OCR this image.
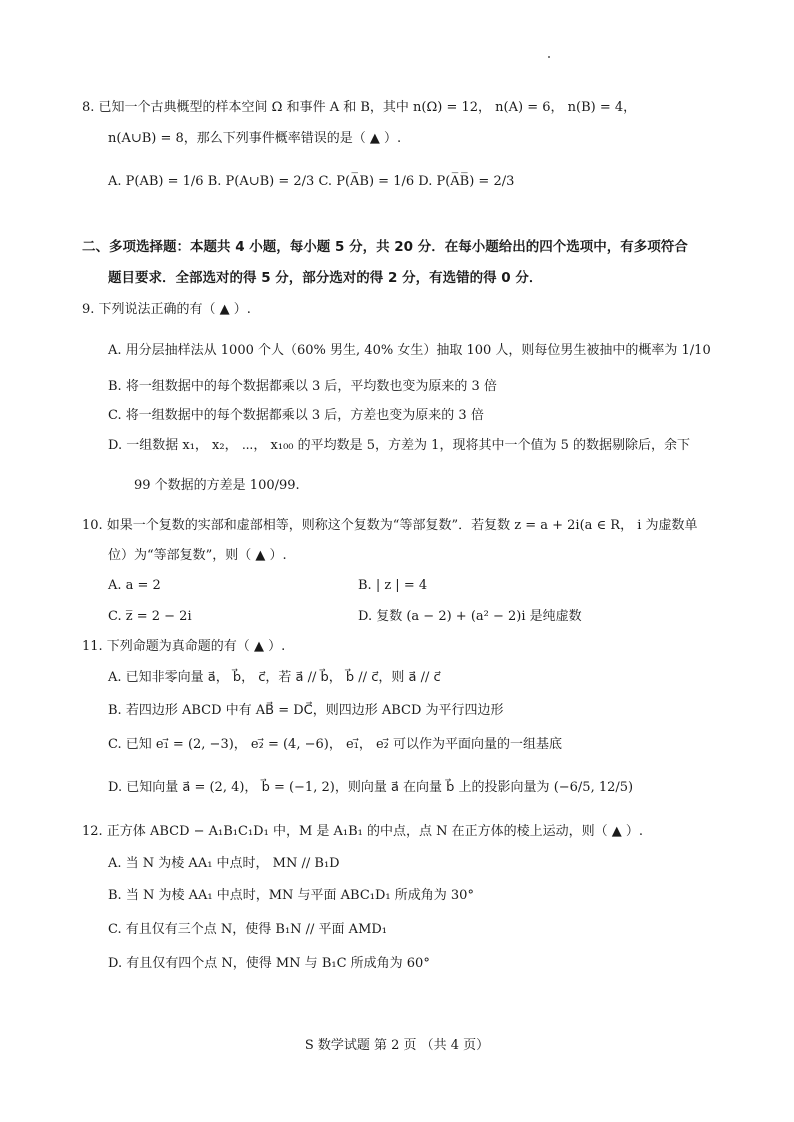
8. 已知一个古典概型的样本空间 Ω 和事件 A 和 B，其中 n(Ω) = 12， n(A) = 6， n(B) = 4，
n(A∪B) = 8，那么下列事件概率错误的是（ ▲ ）.
A. P(AB) = 1/6 B. P(A∪B) = 2/3 C. P(A̅B) = 1/6 D. P(A̅B̅) = 2/3
二、多项选择题：本题共 4 小题，每小题 5 分，共 20 分．在每小题给出的四个选项中，有多项符合
题目要求．全部选对的得 5 分，部分选对的得 2 分，有选错的得 0 分．
9. 下列说法正确的有（ ▲ ）.
A. 用分层抽样法从 1000 个人（60% 男生, 40% 女生）抽取 100 人，则每位男生被抽中的概率为 1/10
B. 将一组数据中的每个数据都乘以 3 后，平均数也变为原来的 3 倍
C. 将一组数据中的每个数据都乘以 3 后，方差也变为原来的 3 倍
D. 一组数据 x₁， x₂， ⋯， x₁₀₀ 的平均数是 5，方差为 1，现将其中一个值为 5 的数据剔除后，余下
99 个数据的方差是 100/99.
10. 如果一个复数的实部和虚部相等，则称这个复数为“等部复数”．若复数 z = a + 2i(a ∈ R， i 为虚数单
位）为“等部复数”，则（ ▲ ）.
A. a = 2	B. | z | = 4
C. z̅ = 2 − 2i	D. 复数 (a − 2) + (a² − 2)i 是纯虚数
11. 下列命题为真命题的有（ ▲ ）.
A. 已知非零向量 a⃗， b⃗， c⃗，若 a⃗ // b⃗， b⃗ // c⃗，则 a⃗ // c⃗
B. 若四边形 ABCD 中有 AB⃗ = DC⃗，则四边形 ABCD 为平行四边形
C. 已知 e₁⃗ = (2, −3)， e₂⃗ = (4, −6)， e₁⃗， e₂⃗ 可以作为平面向量的一组基底
D. 已知向量 a⃗ = (2, 4)， b⃗ = (−1, 2)，则向量 a⃗ 在向量 b⃗ 上的投影向量为 (−6/5, 12/5)
12. 正方体 ABCD − A₁B₁C₁D₁ 中，M 是 A₁B₁ 的中点，点 N 在正方体的棱上运动，则（ ▲ ）.
A. 当 N 为棱 AA₁ 中点时， MN // B₁D
B. 当 N 为棱 AA₁ 中点时，MN 与平面 ABC₁D₁ 所成角为 30°
C. 有且仅有三个点 N，使得 B₁N // 平面 AMD₁
D. 有且仅有四个点 N，使得 MN 与 B₁C 所成角为 60°
S 数学试题 第 2 页 （共 4 页）
